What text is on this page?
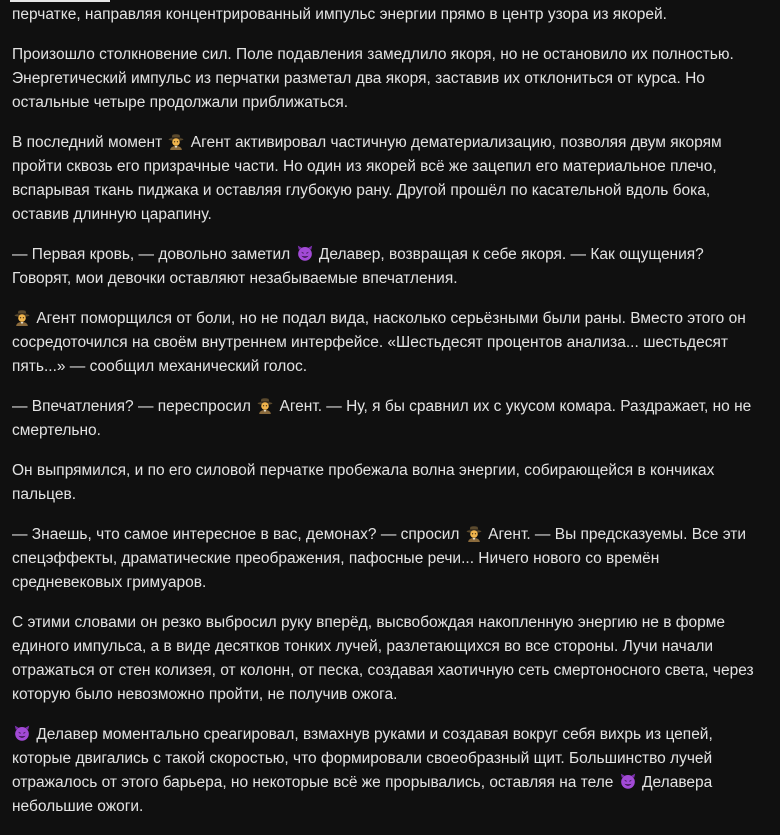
перчатке, направляя концентрированный импульс энергии прямо в центр узора из якорей.

Произошло столкновение сил. Поле подавления замедлило якоря, но не остановило их полностью. Энергетический импульс из перчатки разметал два якоря, заставив их отклониться от курса. Но остальные четыре продолжали приближаться.

В последний момент
Агент активировал частичную дематериализацию, позволяя двум якорям пройти сквозь его призрачные части. Но один из якорей всё же зацепил его материальное плечо, вспарывая ткань пиджака и оставляя глубокую рану. Другой прошёл по касательной вдоль бока, оставив длинную царапину.

— Первая кровь, — довольно заметил
Делавер, возвращая к себе якоря. — Как ощущения? Говорят, мои девочки оставляют незабываемые впечатления.

Агент поморщился от боли, но не подал вида, насколько серьёзными были раны. Вместо этого он сосредоточился на своём внутреннем интерфейсе. «Шестьдесят процентов анализа... шестьдесят пять...» — сообщил механический голос.

— Впечатления? — переспросил
Агент. — Ну, я бы сравнил их с укусом комара. Раздражает, но не смертельно.

Он выпрямился, и по его силовой перчатке пробежала волна энергии, собирающейся в кончиках пальцев.

— Знаешь, что самое интересное в вас, демонах? — спросил
Агент. — Вы предсказуемы. Все эти спецэффекты, драматические преображения, пафосные речи... Ничего нового со времён средневековых гримуаров.

С этими словами он резко выбросил руку вперёд, высвобождая накопленную энергию не в форме единого импульса, а в виде десятков тонких лучей, разлетающихся во все стороны. Лучи начали отражаться от стен колизея, от колонн, от песка, создавая хаотичную сеть смертоносного света, через которую было невозможно пройти, не получив ожога.

Делавер моментально среагировал, взмахнув руками и создавая вокруг себя вихрь из цепей, которые двигались с такой скоростью, что формировали своеобразный щит. Большинство лучей отражалось от этого барьера, но некоторые всё же прорывались, оставляя на теле
Делавера небольшие ожоги.
